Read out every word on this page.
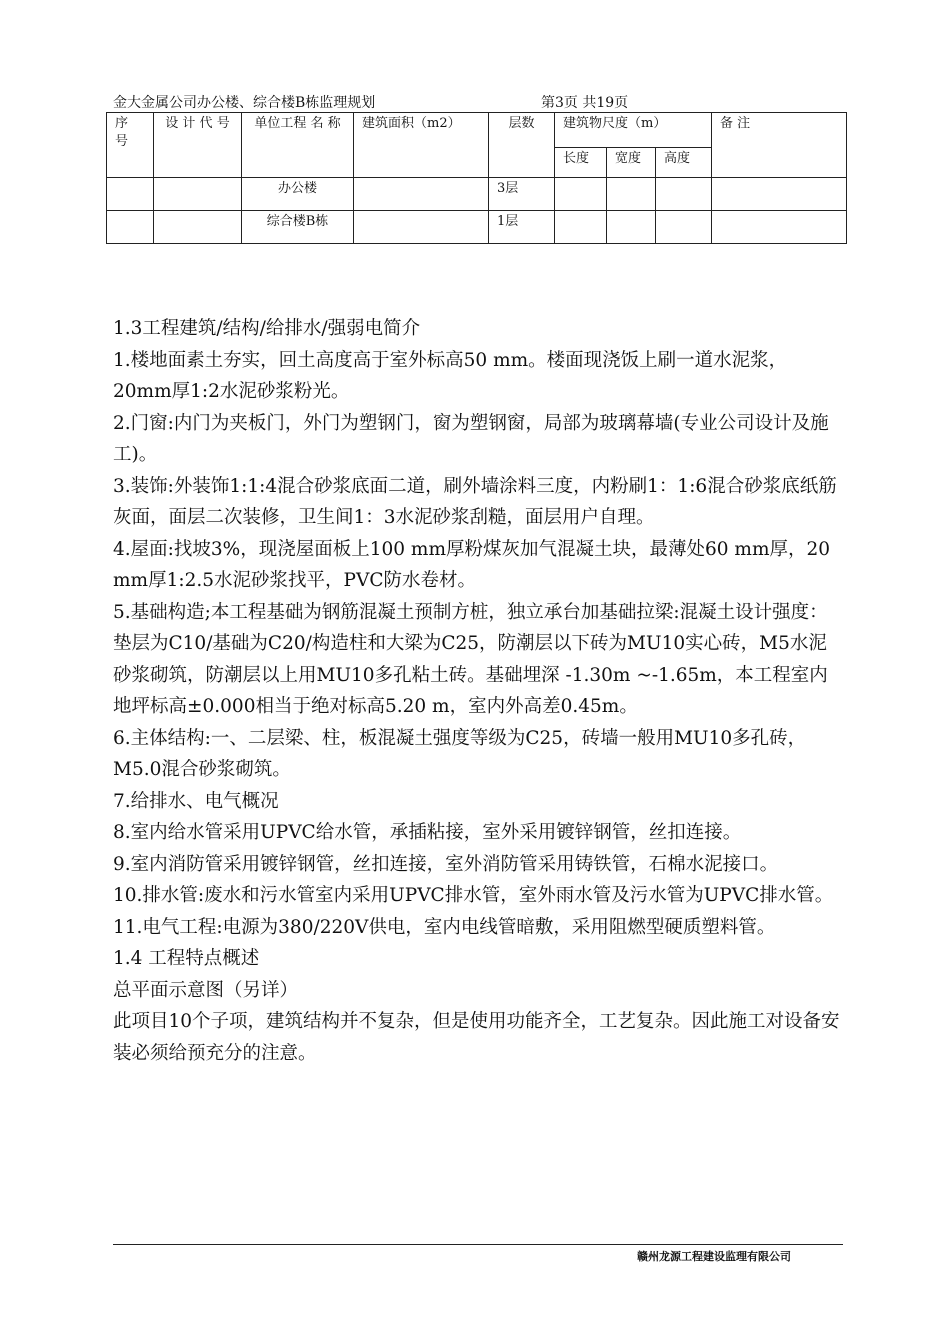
金大金属公司办公楼、综合楼B栋监理规划	第3页 共19页
序 号	设 计 代 号	单位工程 名 称	建筑面积（m2）	层数	建筑物尺度（m）			备 注
					长度	宽度	高度	
		办公楼		3层				
		综合楼B栋		1层				

1.3工程建筑/结构/给排水/强弱电简介

1.楼地面素土夯实，回土高度高于室外标高50 mm。楼面现浇饭上刷一道水泥浆，20mm厚1:2水泥砂浆粉光。

2.门窗:内门为夹板门，外门为塑钢门，窗为塑钢窗，局部为玻璃幕墙(专业公司设计及施工)。

3.装饰:外装饰1:1:4混合砂浆底面二道，刷外墙涂料三度，内粉刷1：1:6混合砂浆底纸筋灰面，面层二次装修，卫生间1：3水泥砂浆刮糙，面层用户自理。

4.屋面:找坡3%，现浇屋面板上100 mm厚粉煤灰加气混凝土块，最薄处60 mm厚，20 mm厚1:2.5水泥砂浆找平，PVC防水卷材。

5.基础构造;本工程基础为钢筋混凝土预制方桩，独立承台加基础拉梁:混凝土设计强度：垫层为C10/基础为C20/构造柱和大梁为C25，防潮层以下砖为MU10实心砖，M5水泥砂浆砌筑，防潮层以上用MU10多孔粘土砖。基础埋深 -1.30m ~-1.65m，本工程室内地坪标高±0.000相当于绝对标高5.20 m，室内外高差0.45m。

6.主体结构:一、二层梁、柱，板混凝土强度等级为C25，砖墙一般用MU10多孔砖，M5.0混合砂浆砌筑。

7.给排水、电气概况

8.室内给水管采用UPVC给水管，承插粘接，室外采用镀锌钢管，丝扣连接。

9.室内消防管采用镀锌钢管，丝扣连接，室外消防管采用铸铁管，石棉水泥接口。

10.排水管:废水和污水管室内采用UPVC排水管，室外雨水管及污水管为UPVC排水管。

11.电气工程:电源为380/220V供电，室内电线管暗敷，采用阻燃型硬质塑料管。

1.4 工程特点概述

总平面示意图（另详）

此项目10个子项，建筑结构并不复杂，但是使用功能齐全，工艺复杂。因此施工对设备安装必须给预充分的注意。

赣州龙源工程建设监理有限公司
